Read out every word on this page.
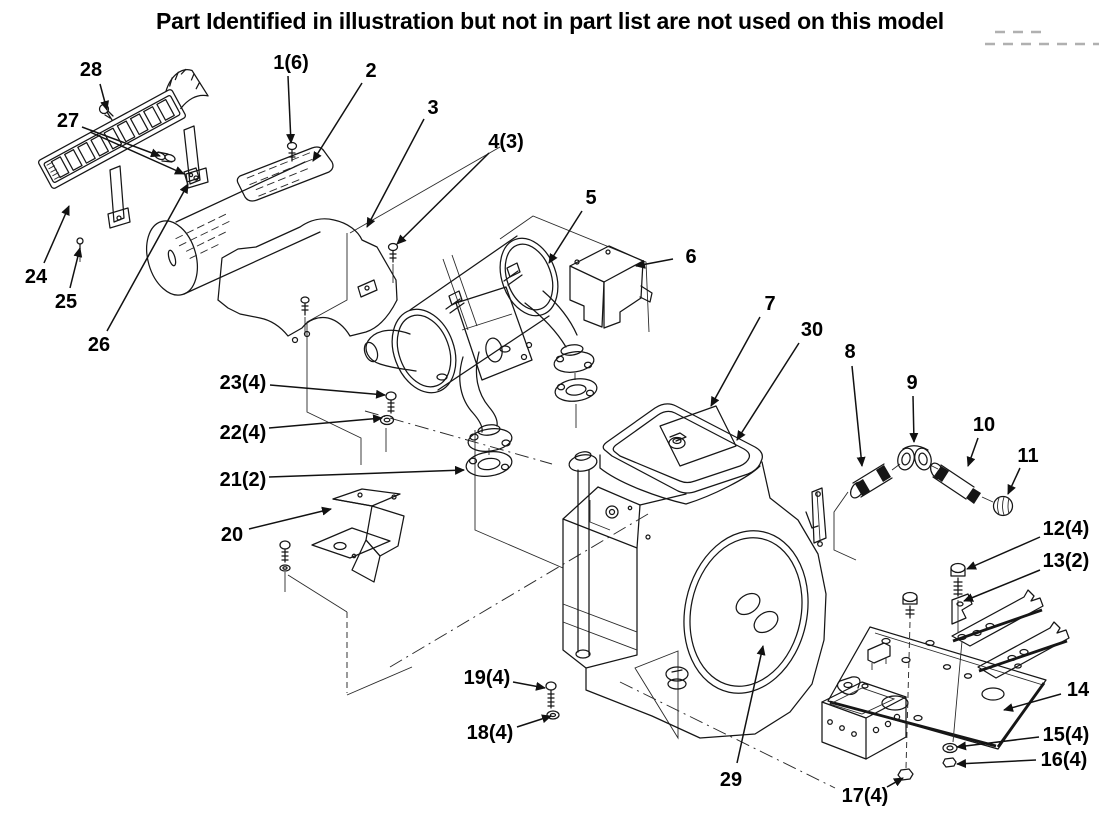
Part Identified in illustration but not in part list are not used on this model
1(6)	2
3
4(3)
5
6
7
8
9
10
11
12(4)
13(2)
14
15(4)
16(4)
17(4)
18(4)
19(4)
20
21(2)
22(4)
23(4)
24
25
26
27
28
29
30
